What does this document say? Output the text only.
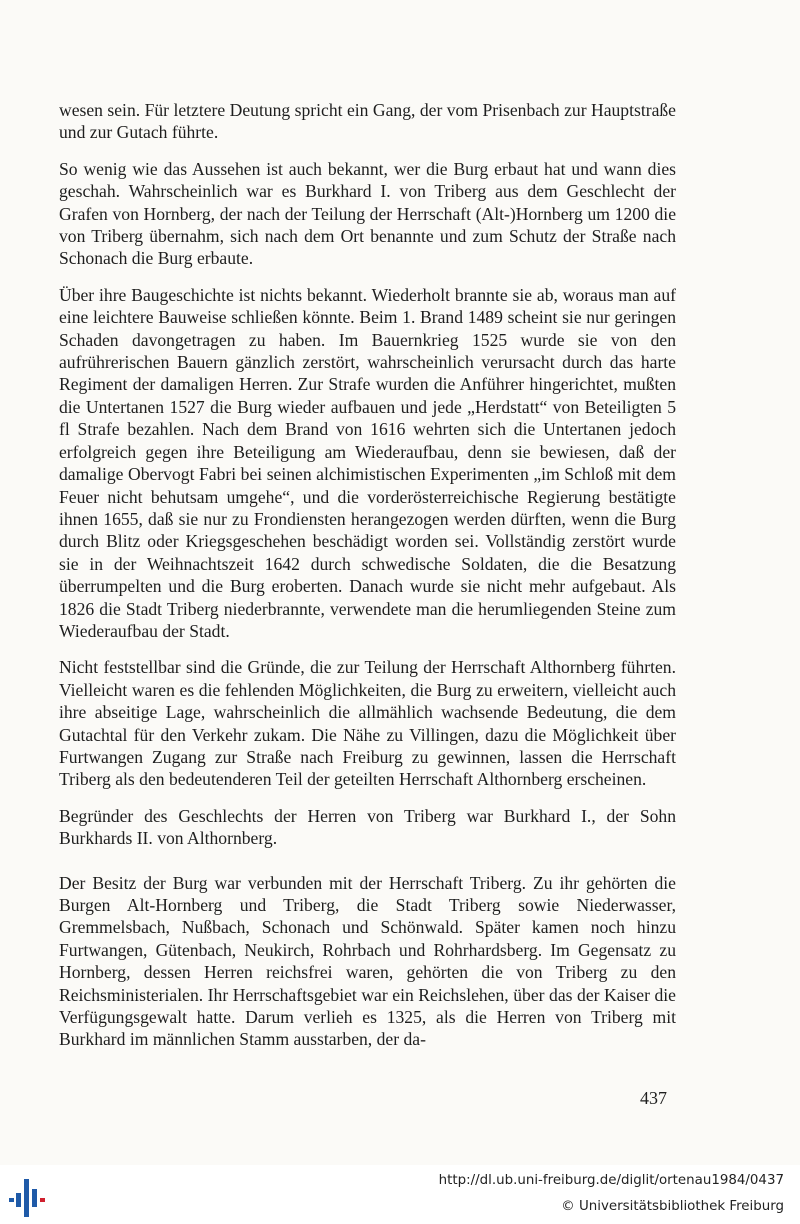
wesen sein. Für letztere Deutung spricht ein Gang, der vom Prisenbach zur Hauptstraße und zur Gutach führte.

So wenig wie das Aussehen ist auch bekannt, wer die Burg erbaut hat und wann dies geschah. Wahrscheinlich war es Burkhard I. von Triberg aus dem Geschlecht der Grafen von Hornberg, der nach der Teilung der Herrschaft (Alt-)Hornberg um 1200 die von Triberg übernahm, sich nach dem Ort benannte und zum Schutz der Straße nach Schonach die Burg erbaute.

Über ihre Baugeschichte ist nichts bekannt. Wiederholt brannte sie ab, woraus man auf eine leichtere Bauweise schließen könnte. Beim 1. Brand 1489 scheint sie nur geringen Schaden davongetragen zu haben. Im Bauernkrieg 1525 wurde sie von den aufrührerischen Bauern gänzlich zerstört, wahrscheinlich verursacht durch das harte Regiment der damaligen Herren. Zur Strafe wurden die Anführer hingerichtet, mußten die Untertanen 1527 die Burg wieder aufbauen und jede „Herdstatt“ von Beteiligten 5 fl Strafe bezahlen. Nach dem Brand von 1616 wehrten sich die Untertanen jedoch erfolgreich gegen ihre Beteiligung am Wiederaufbau, denn sie bewiesen, daß der damalige Obervogt Fabri bei seinen alchimistischen Experimenten „im Schloß mit dem Feuer nicht behutsam umgehe“, und die vorderösterreichische Regierung bestätigte ihnen 1655, daß sie nur zu Frondiensten herangezogen werden dürften, wenn die Burg durch Blitz oder Kriegsgeschehen beschädigt worden sei. Vollständig zerstört wurde sie in der Weihnachtszeit 1642 durch schwedische Soldaten, die die Besatzung überrumpelten und die Burg eroberten. Danach wurde sie nicht mehr aufgebaut. Als 1826 die Stadt Triberg niederbrannte, verwendete man die herumliegenden Steine zum Wiederaufbau der Stadt.

Nicht feststellbar sind die Gründe, die zur Teilung der Herrschaft Althornberg führten. Vielleicht waren es die fehlenden Möglichkeiten, die Burg zu erweitern, vielleicht auch ihre abseitige Lage, wahrscheinlich die allmählich wachsende Bedeutung, die dem Gutachtal für den Verkehr zukam. Die Nähe zu Villingen, dazu die Möglichkeit über Furtwangen Zugang zur Straße nach Freiburg zu gewinnen, lassen die Herrschaft Triberg als den bedeutenderen Teil der geteilten Herrschaft Althornberg erscheinen.

Begründer des Geschlechts der Herren von Triberg war Burkhard I., der Sohn Burkhards II. von Althornberg.

Der Besitz der Burg war verbunden mit der Herrschaft Triberg. Zu ihr gehörten die Burgen Alt-Hornberg und Triberg, die Stadt Triberg sowie Niederwasser, Gremmelsbach, Nußbach, Schonach und Schönwald. Später kamen noch hinzu Furtwangen, Gütenbach, Neukirch, Rohrbach und Rohrhardsberg. Im Gegensatz zu Hornberg, dessen Herren reichsfrei waren, gehörten die von Triberg zu den Reichsministerialen. Ihr Herrschaftsgebiet war ein Reichslehen, über das der Kaiser die Verfügungsgewalt hatte. Darum verlieh es 1325, als die Herren von Triberg mit Burkhard im männlichen Stamm ausstarben, der da-

437
http://dl.ub.uni-freiburg.de/diglit/ortenau1984/0437
© Universitätsbibliothek Freiburg
